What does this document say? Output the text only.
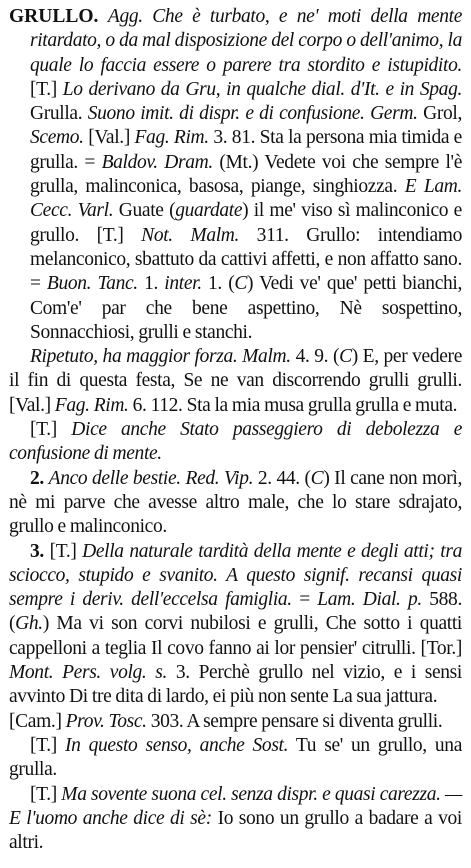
GRULLO. Agg. Che è turbato, e ne' moti della mente ritardato, o da mal disposizione del corpo o dell'animo, la quale lo faccia essere o parere tra stordito e istupidito. [T.] Lo derivano da Gru, in qualche dial. d'It. e in Spag. Grulla. Suono imit. di dispr. e di confusione. Germ. Grol, Scemo. [Val.] Fag. Rim. 3. 81. Sta la persona mia timida e grulla. = Baldov. Dram. (Mt.) Vedete voi che sempre l'è grulla, malinconica, basosa, piange, singhiozza. E Lam. Cecc. Varl. Guate (guardate) il me' viso sì malinconico e grullo. [T.] Not. Malm. 311. Grullo: intendiamo melanconico, sbattuto da cattivi affetti, e non affatto sano. = Buon. Tanc. 1. inter. 1. (C) Vedi ve' que' petti bianchi, Com'e' par che bene aspettino, Nè sospettino, Sonnacchiosi, grulli e stanchi.

Ripetuto, ha maggior forza. Malm. 4. 9. (C) E, per vedere il fin di questa festa, Se ne van discorrendo grulli grulli. [Val.] Fag. Rim. 6. 112. Sta la mia musa grulla grulla e muta.

[T.] Dice anche Stato passeggiero di debolezza e confusione di mente.

2. Anco delle bestie. Red. Vip. 2. 44. (C) Il cane non morì, nè mi parve che avesse altro male, che lo stare sdrajato, grullo e malinconico.

3. [T.] Della naturale tardità della mente e degli atti; tra sciocco, stupido e svanito. A questo signif. recansi quasi sempre i deriv. dell'eccelsa famiglia. = Lam. Dial. p. 588. (Gh.) Ma vi son corvi nubilosi e grulli, Che sotto i quatti cappelloni a teglia Il covo fanno ai lor pensier' citrulli. [Tor.] Mont. Pers. volg. s. 3. Perchè grullo nel vizio, e i sensi avvinto Di tre dita di lardo, ei più non sente La sua jattura.

[Cam.] Prov. Tosc. 303. A sempre pensare si diventa grulli.

[T.] In questo senso, anche Sost. Tu se' un grullo, una grulla.

[T.] Ma sovente suona cel. senza dispr. e quasi carezza. — E l'uomo anche dice di sè: Io sono un grullo a badare a voi altri.
